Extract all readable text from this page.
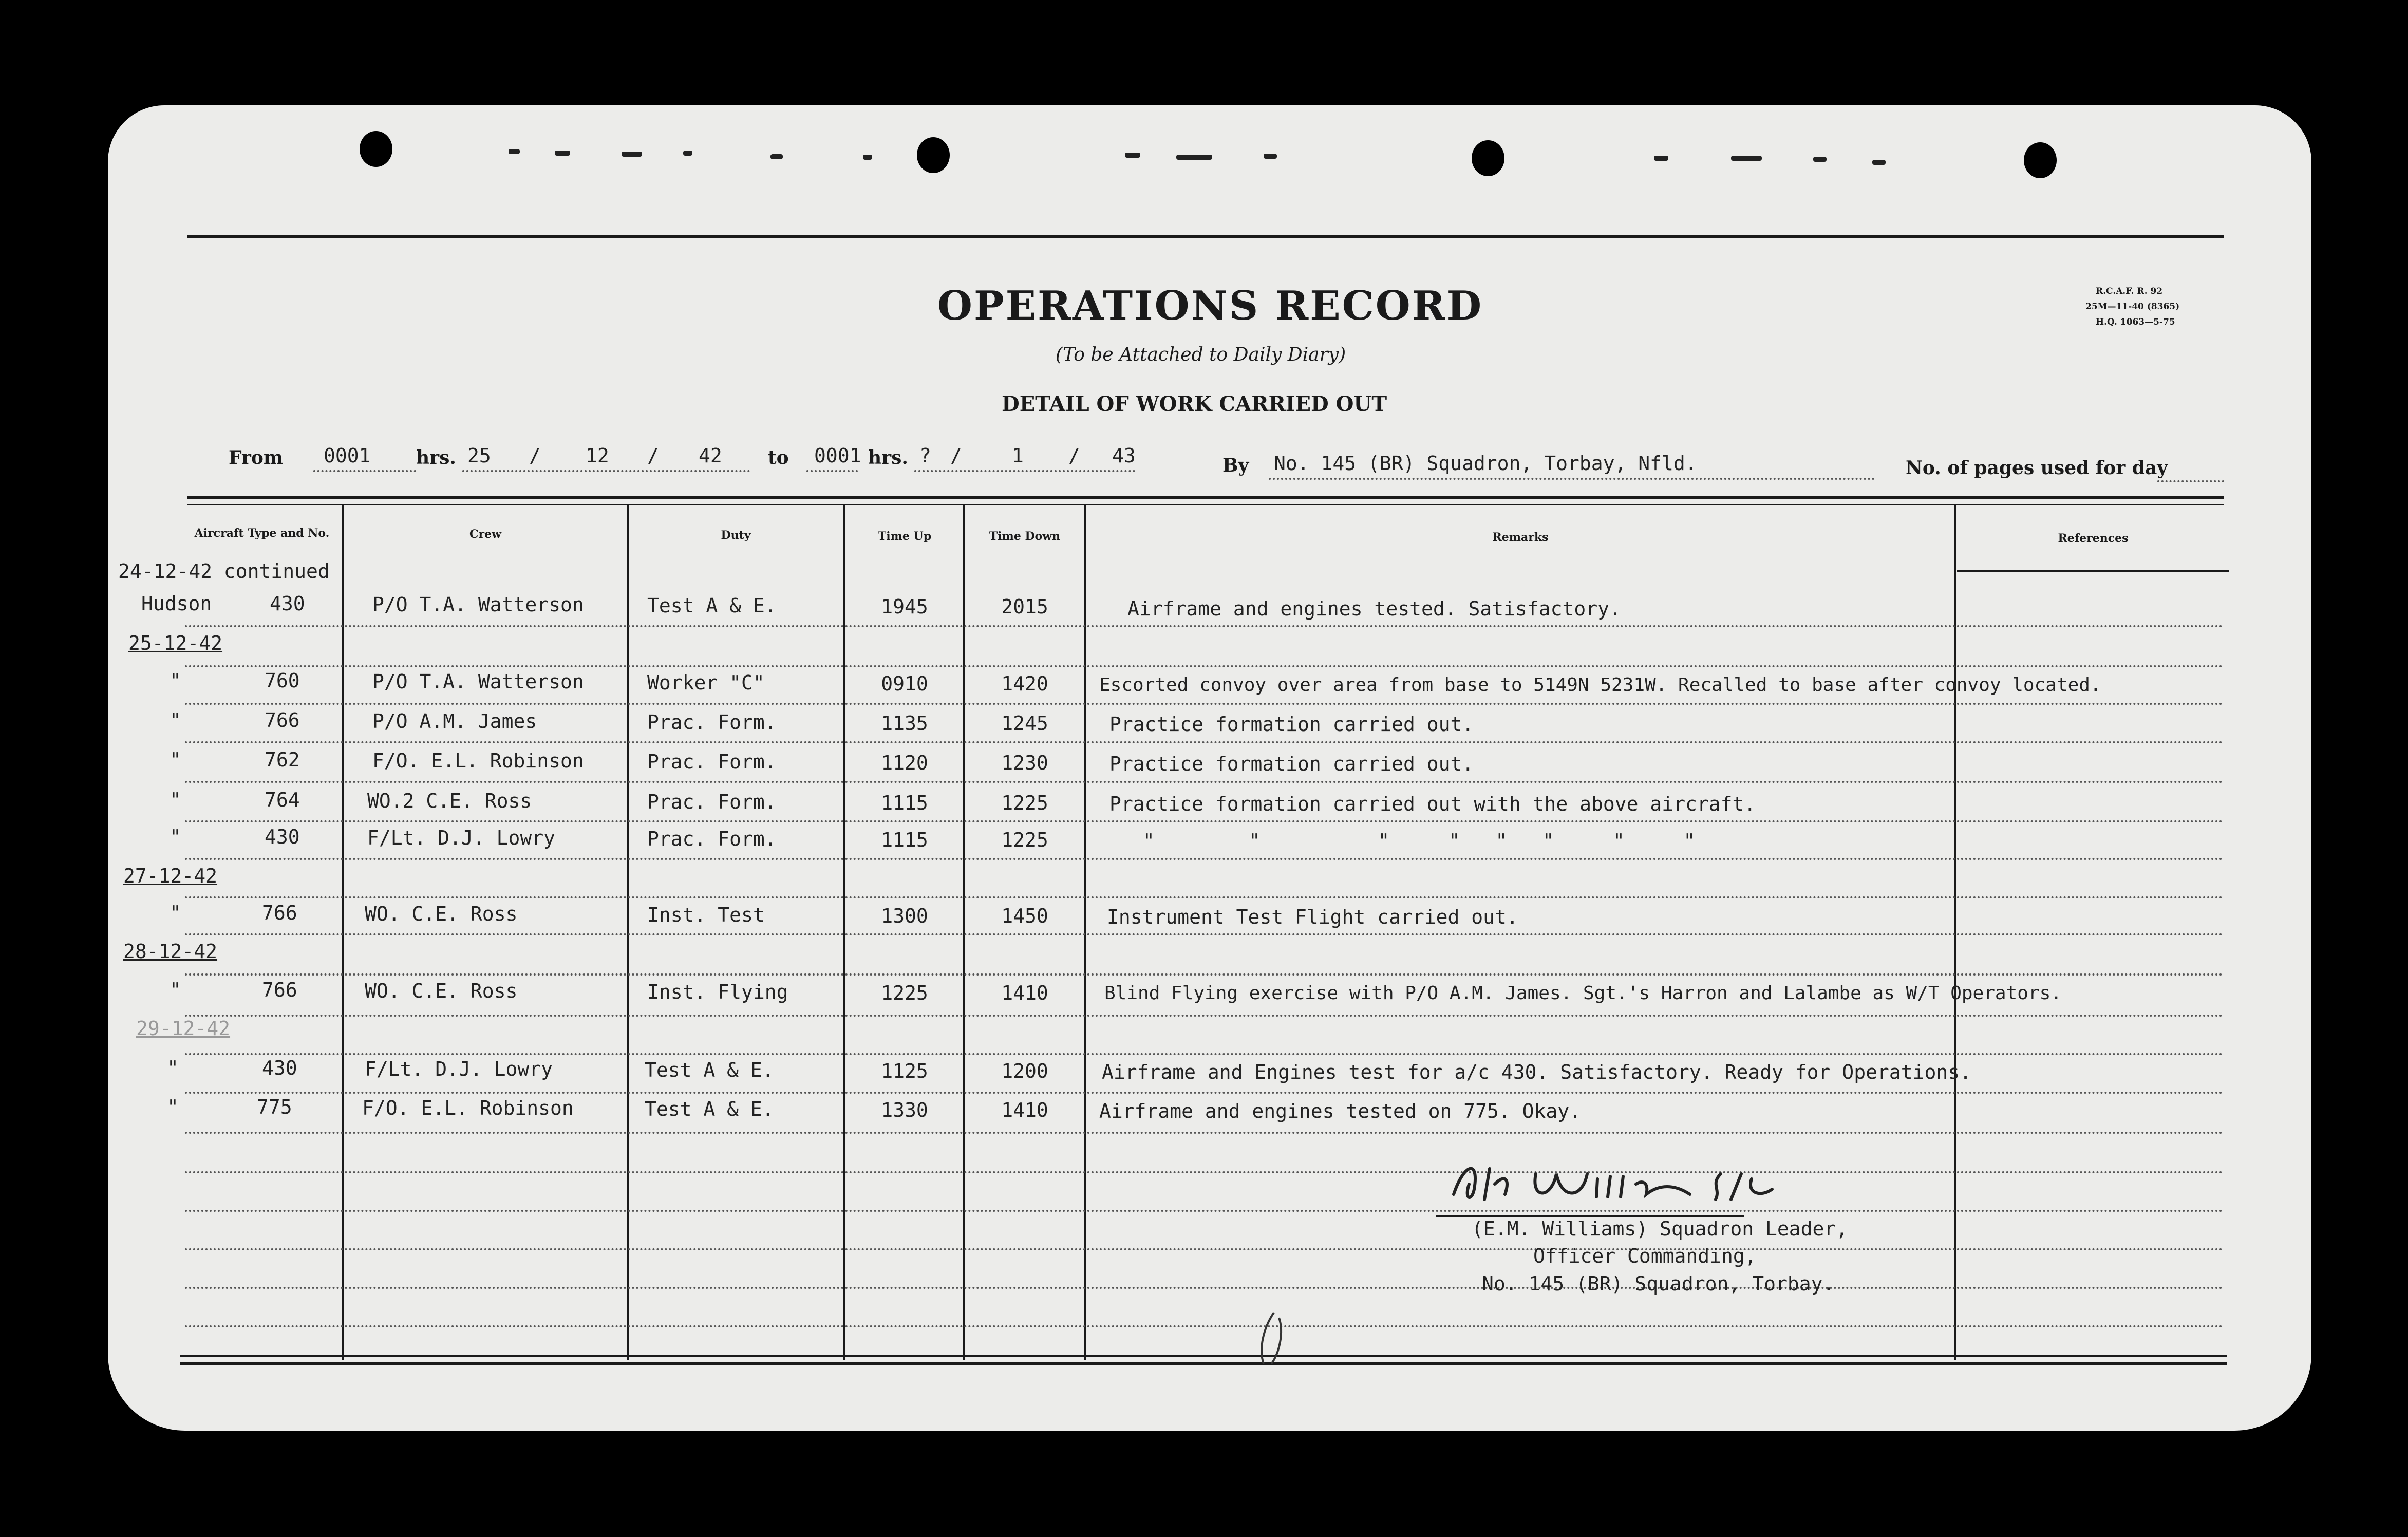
OPERATIONS RECORD
(To be Attached to Daily Diary)
DETAIL OF WORK CARRIED OUT
R.C.A.F. R. 92
25M—11-40 (8365)
H.Q. 1063—5-75
From 0001 hrs. 25 / 12 / 42 to 0001 hrs. ? /	1 / 43	By No. 145 (BR) Squadron, Torbay, Nfld.	No. of pages used for day
Aircraft Type and No.	Crew	Duty	Time Up	Time Down	Remarks	References
24-12-42 continued
Hudson	430	P/O T.A. Watterson	Test A & E.	1945	2015	Airframe and engines tested. Satisfactory.
25-12-42
"	760	P/O T.A. Watterson	Worker "C"	0910	1420	Escorted convoy over area from base to 5149N 5231W. Recalled to base after convoy located.
"	766	P/O A.M. James	Prac. Form.	1135	1245	Practice formation carried out.
"	762	F/O. E.L. Robinson	Prac. Form.	1120	1230	Practice formation carried out.
"	764	WO.2 C.E. Ross	Prac. Form.	1115	1225	Practice formation carried out with the above aircraft.
"	430	F/Lt. D.J. Lowry	Prac. Form.	1115	1225	"        "          "     "   "   "     "     "
27-12-42
"	766	WO. C.E. Ross	Inst. Test	1300	1450	Instrument Test Flight carried out.
28-12-42
"	766	WO. C.E. Ross	Inst. Flying	1225	1410	Blind Flying exercise with P/O A.M. James. Sgt.'s Harron and Lalambe as W/T Operators.
29-12-42
"	430	F/Lt. D.J. Lowry	Test A & E.	1125	1200	Airframe and Engines test for a/c 430. Satisfactory. Ready for Operations.
"	775	F/O. E.L. Robinson	Test A & E.	1330	1410	Airframe and engines tested on 775. Okay.
(E.M. Williams) Squadron Leader,
Officer Commanding,
No. 145 (BR) Squadron, Torbay.
